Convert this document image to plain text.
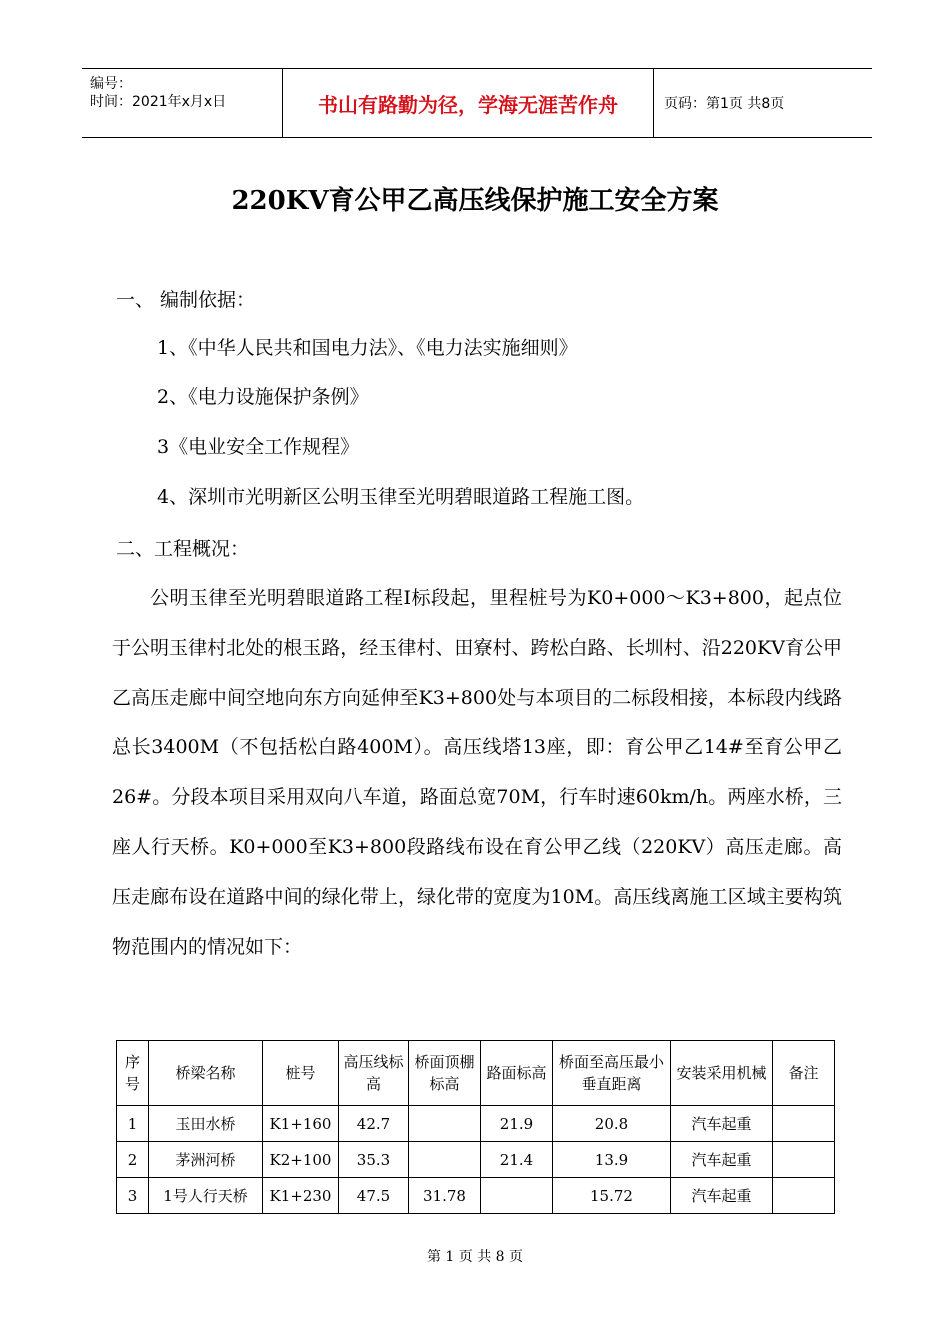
编号：
时间：2021年x月x日	书山有路勤为径，学海无涯苦作舟	页码：第1页 共8页
220KV育公甲乙高压线保护施工安全方案
一、 编制依据：
1、《中华人民共和国电力法》、《电力法实施细则》
2、《电力设施保护条例》
3《电业安全工作规程》
4、深圳市光明新区公明玉律至光明碧眼道路工程施工图。
二、工程概况：
公明玉律至光明碧眼道路工程Ⅰ标段起，里程桩号为K0+000～K3+800，起点位于公明玉律村北处的根玉路，经玉律村、田寮村、跨松白路、长圳村、沿220KV育公甲乙高压走廊中间空地向东方向延伸至K3+800处与本项目的二标段相接，本标段内线路总长3400M（不包括松白路400M）。高压线塔13座，即：育公甲乙14#至育公甲乙26#。分段本项目采用双向八车道，路面总宽70M，行车时速60km/h。两座水桥，三座人行天桥。K0+000至K3+800段路线布设在育公甲乙线（220KV）高压走廊。高压走廊布设在道路中间的绿化带上，绿化带的宽度为10M。高压线离施工区域主要构筑物范围内的情况如下：
序号	桥梁名称	桩号	高压线标高	桥面顶棚标高	路面标高	桥面至高压最小垂直距离	安装采用机械	备注
1	玉田水桥	K1+160	42.7		21.9	20.8	汽车起重	
2	茅洲河桥	K2+100	35.3		21.4	13.9	汽车起重	
3	1号人行天桥	K1+230	47.5	31.78		15.72	汽车起重	
第 1 页 共 8 页
